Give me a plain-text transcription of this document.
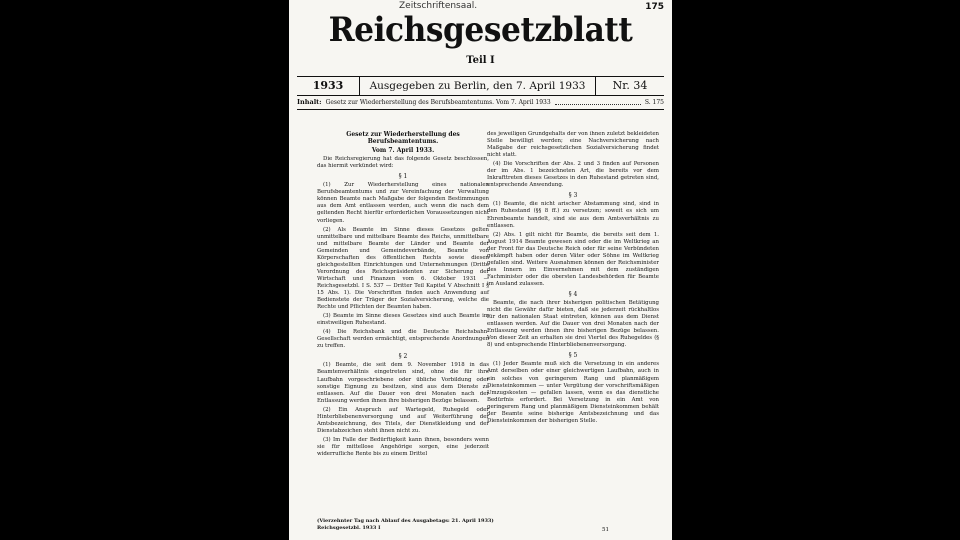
Zeitschriftensaal.	175
Reichsgesetzblatt
Teil I
1933	Ausgegeben zu Berlin, den 7. April 1933	Nr. 34
Inhalt: Gesetz zur Wiederherstellung des Berufsbeamtentums. Vom 7. April 1933	S. 175

Gesetz zur Wiederherstellung des Berufsbeamtentums.

Vom 7. April 1933.

Die Reichsregierung hat das folgende Gesetz beschlossen, das hiermit verkündet wird:

§ 1

(1) Zur Wiederherstellung eines nationalen Berufsbeamtentums und zur Vereinfachung der Verwaltung können Beamte nach Maßgabe der folgenden Bestimmungen aus dem Amt entlassen werden, auch wenn die nach dem geltenden Recht hierfür erforderlichen Voraussetzungen nicht vorliegen.

(2) Als Beamte im Sinne dieses Gesetzes gelten unmittelbare und mittelbare Beamte des Reichs, unmittelbare und mittelbare Beamte der Länder und Beamte der Gemeinden und Gemeindeverbände, Beamte von Körperschaften des öffentlichen Rechts sowie diesen gleichgestellten Einrichtungen und Unternehmungen (Dritte Verordnung des Reichspräsidenten zur Sicherung der Wirtschaft und Finanzen vom 6. Oktober 1931 — Reichsgesetzbl. I S. 537 — Dritter Teil Kapitel V Abschnitt I § 15 Abs. 1). Die Vorschriften finden auch Anwendung auf Bedienstete der Träger der Sozialversicherung, welche die Rechte und Pflichten der Beamten haben.

(3) Beamte im Sinne dieses Gesetzes sind auch Beamte im einstweiligen Ruhestand.

(4) Die Reichsbank und die Deutsche Reichsbahn-Gesellschaft werden ermächtigt, entsprechende Anordnungen zu treffen.

§ 2

(1) Beamte, die seit dem 9. November 1918 in das Beamtenverhältnis eingetreten sind, ohne die für ihre Laufbahn vorgeschriebene oder übliche Vorbildung oder sonstige Eignung zu besitzen, sind aus dem Dienste zu entlassen. Auf die Dauer von drei Monaten nach der Entlassung werden ihnen ihre bisherigen Bezüge belassen.

(2) Ein Anspruch auf Wartegeld, Ruhegeld oder Hinterbliebenenversorgung und auf Weiterführung der Amtsbezeichnung, des Titels, der Dienstkleidung und der Dienstabzeichen steht ihnen nicht zu.

(3) Im Falle der Bedürftigkeit kann ihnen, besonders wenn sie für mittellose Angehörige sorgen, eine jederzeit widerrufliche Rente bis zu einem Drittel

des jeweiligen Grundgehalts der von ihnen zuletzt bekleideten Stelle bewilligt werden; eine Nachversicherung nach Maßgabe der reichsgesetzlichen Sozialversicherung findet nicht statt.

(4) Die Vorschriften der Abs. 2 und 3 finden auf Personen der im Abs. 1 bezeichneten Art, die bereits vor dem Inkrafttreten dieses Gesetzes in den Ruhestand getreten sind, entsprechende Anwendung.

§ 3

(1) Beamte, die nicht arischer Abstammung sind, sind in den Ruhestand (§§ 8 ff.) zu versetzen; soweit es sich um Ehrenbeamte handelt, sind sie aus dem Amtsverhältnis zu entlassen.

(2) Abs. 1 gilt nicht für Beamte, die bereits seit dem 1. August 1914 Beamte gewesen sind oder die im Weltkrieg an der Front für das Deutsche Reich oder für seine Verbündeten gekämpft haben oder deren Väter oder Söhne im Weltkrieg gefallen sind. Weitere Ausnahmen können der Reichsminister des Innern im Einvernehmen mit dem zuständigen Fachminister oder die obersten Landesbehörden für Beamte im Ausland zulassen.

§ 4

Beamte, die nach ihrer bisherigen politischen Betätigung nicht die Gewähr dafür bieten, daß sie jederzeit rückhaltlos für den nationalen Staat eintreten, können aus dem Dienst entlassen werden. Auf die Dauer von drei Monaten nach der Entlassung werden ihnen ihre bisherigen Bezüge belassen. Von dieser Zeit an erhalten sie drei Viertel des Ruhegeldes (§ 8) und entsprechende Hinterbliebenenversorgung.

§ 5

(1) Jeder Beamte muß sich die Versetzung in ein anderes Amt derselben oder einer gleichwertigen Laufbahn, auch in ein solches von geringerem Rang und planmäßigem Diensteinkommen — unter Vergütung der vorschriftsmäßigen Umzugskosten — gefallen lassen, wenn es das dienstliche Bedürfnis erfordert. Bei Versetzung in ein Amt von geringerem Rang und planmäßigem Diensteinkommen behält der Beamte seine bisherige Amtsbezeichnung und das Diensteinkommen der bisherigen Stelle.

(Vierzehnter Tag nach Ablauf des Ausgabetags: 21. April 1933)
Reichsgesetzbl. 1933 I	51
